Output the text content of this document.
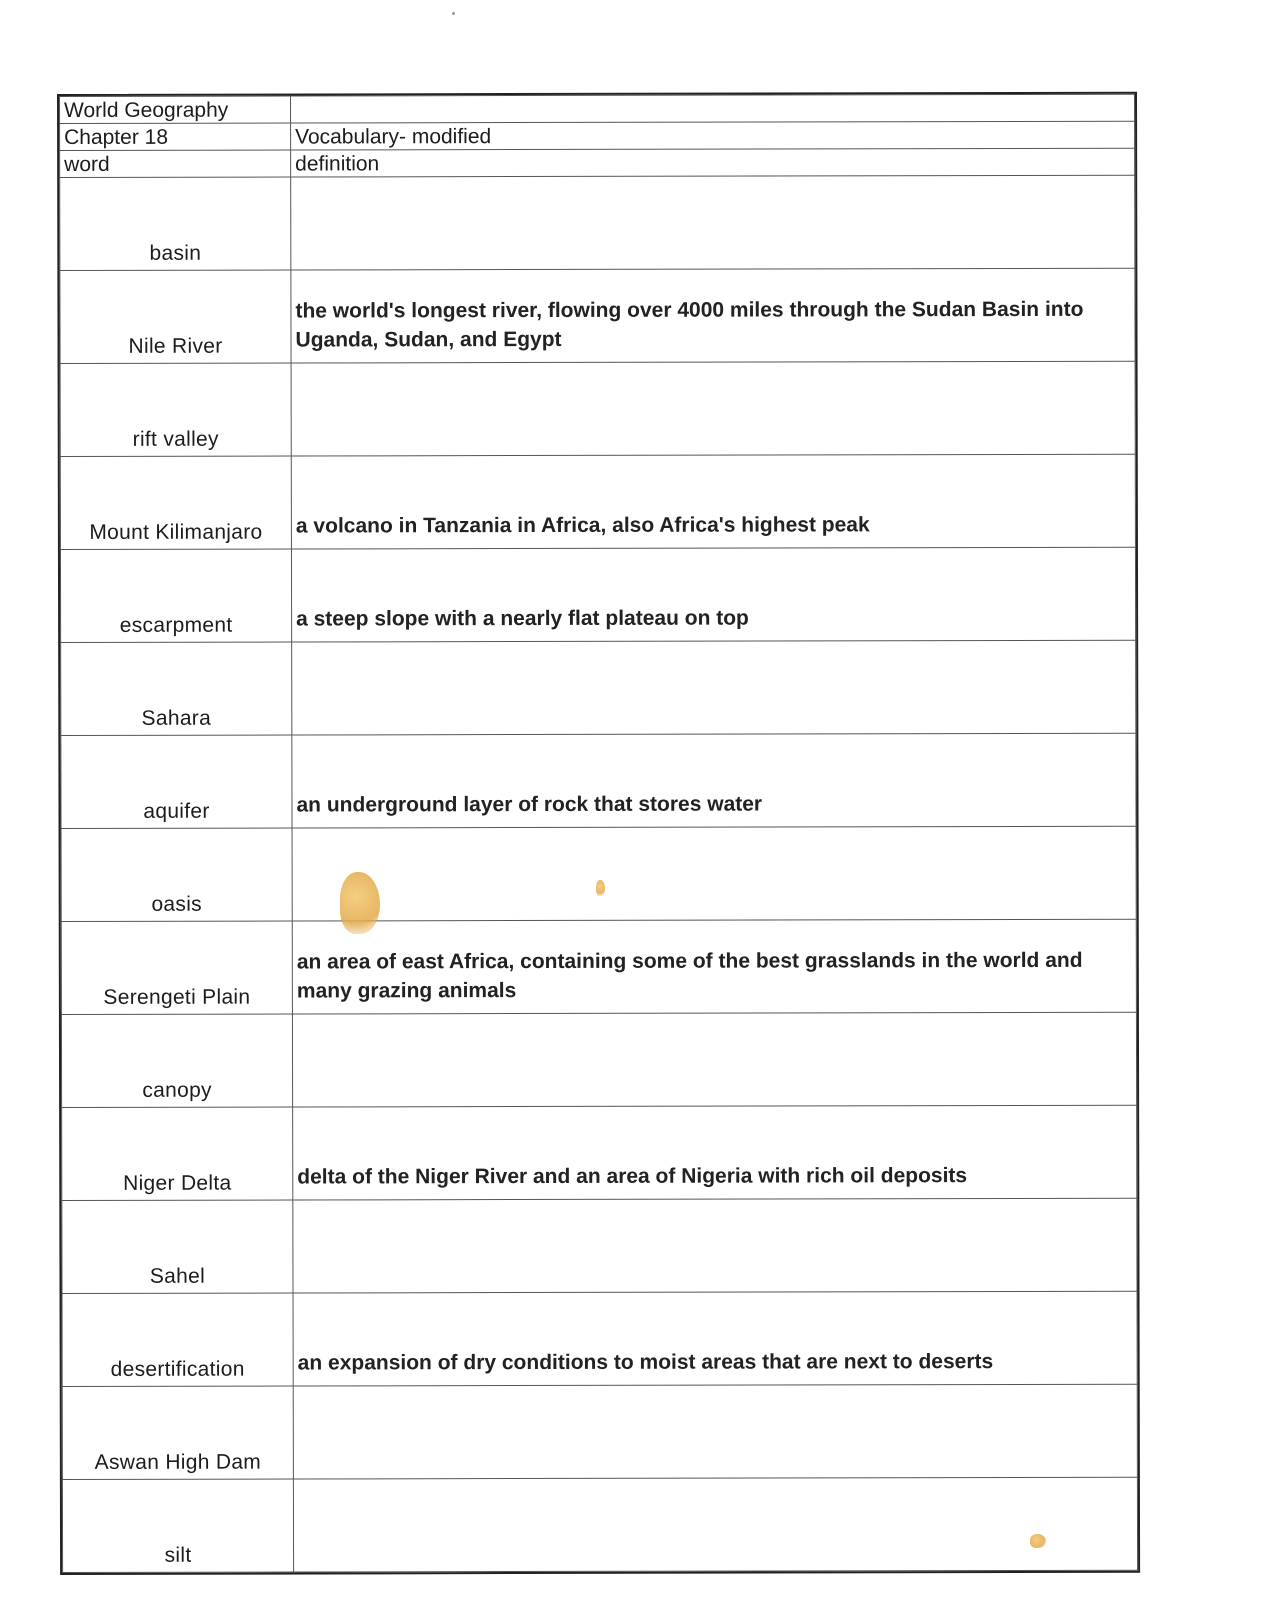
World Geography	
Chapter 18	Vocabulary- modified
word	definition
basin	
Nile River	the world's longest river, flowing over 4000 miles through the Sudan Basin into Uganda, Sudan, and Egypt
rift valley	
Mount Kilimanjaro	a volcano in Tanzania in Africa, also Africa's highest peak
escarpment	a steep slope with a nearly flat plateau on top
Sahara	
aquifer	an underground layer of rock that stores water
oasis	
Serengeti Plain	an area of east Africa, containing some of the best grasslands in the world and many grazing animals
canopy	
Niger Delta	delta of the Niger River and an area of Nigeria with rich oil deposits
Sahel	
desertification	an expansion of dry conditions to moist areas that are next to deserts
Aswan High Dam	
silt	
